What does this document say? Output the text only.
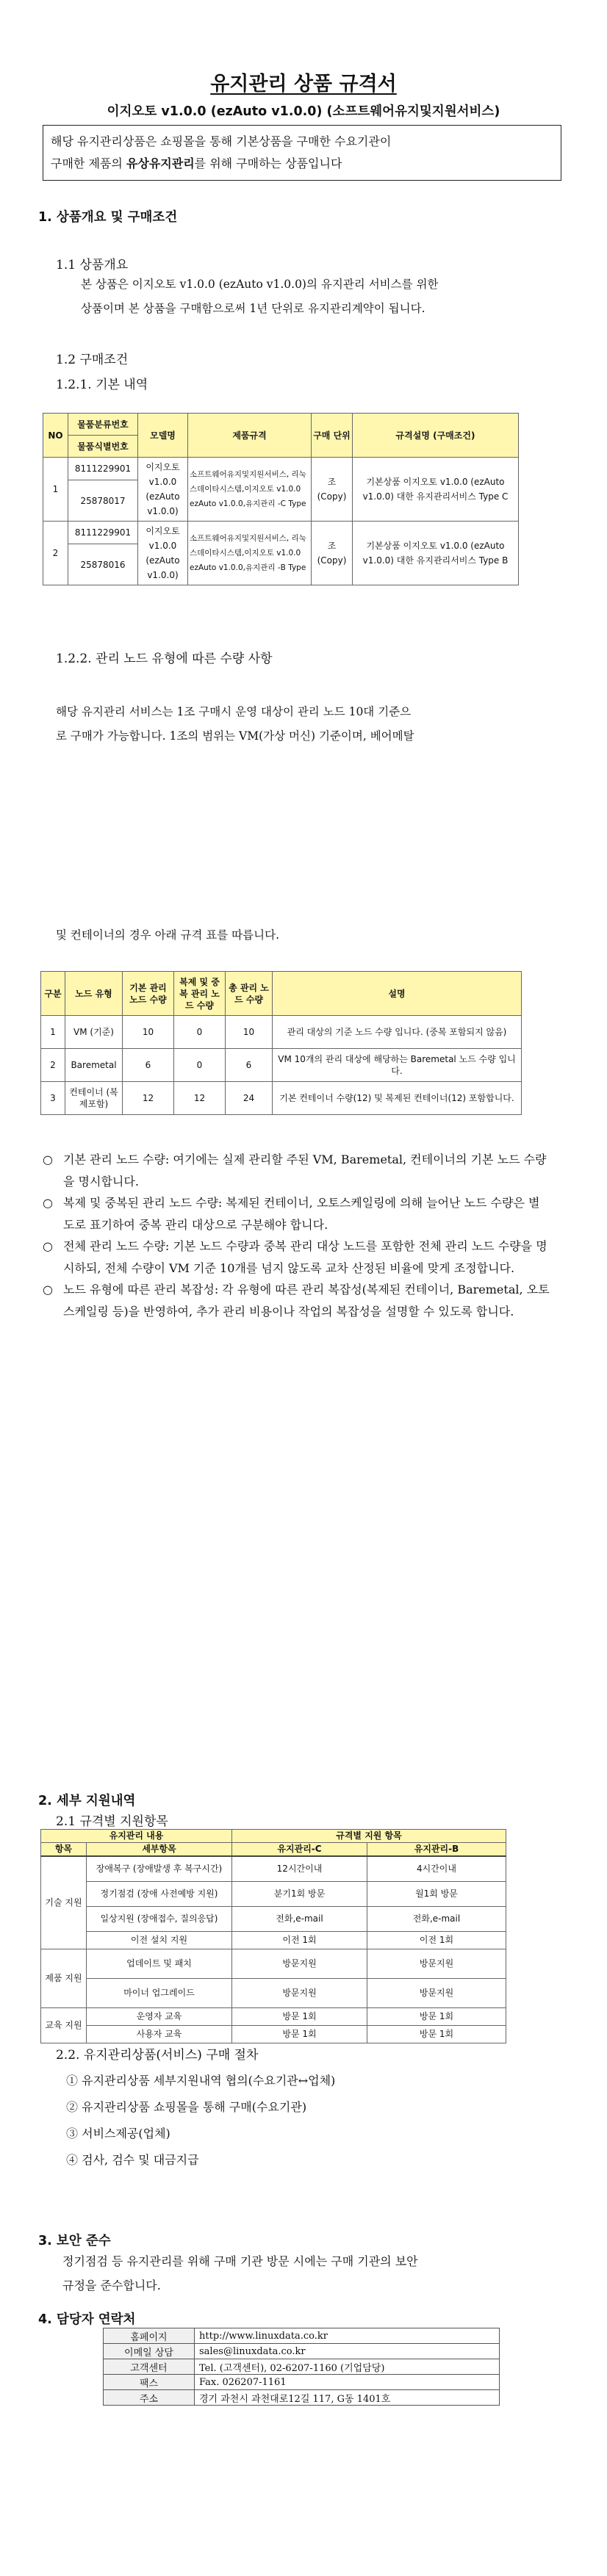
유지관리 상품 규격서
이지오토 v1.0.0 (ezAuto v1.0.0) (소프트웨어유지및지원서비스)
해당 유지관리상품은 쇼핑몰을 통해 기본상품을 구매한 수요기관이
구매한 제품의 유상유지관리를 위해 구매하는 상품입니다
1. 상품개요 및 구매조건
1.1 상품개요
본 상품은 이지오토 v1.0.0 (ezAuto v1.0.0)의 유지관리 서비스를 위한
상품이며 본 상품을 구매함으로써 1년 단위로 유지관리계약이 됩니다.
1.2 구매조건
1.2.1. 기본 내역
NO	물품분류번호	모델명	제품규격	구매 단위	규격설명 (구매조건)
	물품식별번호				
1	8111229901	이지오토 v1.0.0 (ezAuto v1.0.0)	소프트웨어유지및지원서비스, 리눅스데이타시스템,이지오토 v1.0.0 ezAuto v1.0.0,유지관리 -C Type	조 (Copy)	기본상품 이지오토 v1.0.0 (ezAuto v1.0.0) 대한 유지관리서비스 Type C
	25878017				
2	8111229901	이지오토 v1.0.0 (ezAuto v1.0.0)	소프트웨어유지및지원서비스, 리눅스데이타시스템,이지오토 v1.0.0 ezAuto v1.0.0,유지관리 -B Type	조 (Copy)	기본상품 이지오토 v1.0.0 (ezAuto v1.0.0) 대한 유지관리서비스 Type B
	25878016				
1.2.2. 관리 노드 유형에 따른 수량 사항
해당 유지관리 서비스는 1조 구매시 운영 대상이 관리 노드 10대 기준으
로 구매가 가능합니다. 1조의 범위는 VM(가상 머신) 기준이며, 베어메탈
및 컨테이너의 경우 아래 규격 표를 따릅니다.
구분	노드 유형	기본 관리 노드 수량	복제 및 중복 관리 노드 수량	총 관리 노드 수량	설명
1	VM (기준)	10	0	10	관리 대상의 기준 노드 수량 입니다. (중복 포함되지 않음)
2	Baremetal	6	0	6	VM 10개의 관리 대상에 해당하는 Baremetal 노드 수량 입니다.
3	컨테이너 (복제포함)	12	12	24	기본 컨테이너 수량(12) 및 복제된 컨테이너(12) 포함합니다.
○ 기본 관리 노드 수량: 여기에는 실제 관리할 주된 VM, Baremetal, 컨테이너의 기본 노드 수량을 명시합니다.
○ 복제 및 중복된 관리 노드 수량: 복제된 컨테이너, 오토스케일링에 의해 늘어난 노드 수량은 별도로 표기하여 중복 관리 대상으로 구분해야 합니다.
○ 전체 관리 노드 수량: 기본 노드 수량과 중복 관리 대상 노드를 포함한 전체 관리 노드 수량을 명시하되, 전체 수량이 VM 기준 10개를 넘지 않도록 교차 산정된 비율에 맞게 조정합니다.
○ 노드 유형에 따른 관리 복잡성: 각 유형에 따른 관리 복잡성(복제된 컨테이너, Baremetal, 오토스케일링 등)을 반영하여, 추가 관리 비용이나 작업의 복잡성을 설명할 수 있도록 합니다.
2. 세부 지원내역
2.1 규격별 지원항목
유지관리 내용		규격별 지원 항목	
항목	세부항목	유지관리-C	유지관리-B
기술 지원	장애복구 (장애발생 후 복구시간)	12시간이내	4시간이내
	정기점검 (장애 사전예방 지원)	분기1회 방문	월1회 방문
	일상지원 (장애접수, 질의응답)	전화,e-mail	전화,e-mail
	이전 설치 지원	이전 1회	이전 1회
제품 지원	업데이트 및 패치	방문지원	방문지원
	마이너 업그레이드	방문지원	방문지원
교육 지원	운영자 교육	방문 1회	방문 1회
	사용자 교육	방문 1회	방문 1회
2.2. 유지관리상품(서비스) 구매 절차
① 유지관리상품 세부지원내역 협의(수요기관↔업체)
② 유지관리상품 쇼핑몰을 통해 구매(수요기관)
③ 서비스제공(업체)
④ 검사, 검수 및 대금지급
3. 보안 준수
정기점검 등 유지관리를 위해 구매 기관 방문 시에는 구매 기관의 보안
규정을 준수합니다.
4. 담당자 연락처
홈페이지	http://www.linuxdata.co.kr
이메일 상담	sales@linuxdata.co.kr
고객센터	Tel. (고객센터), 02-6207-1160 (기업담당)
팩스	Fax. 026207-1161
주소	경기 과천시 과천대로12길 117, G동 1401호
